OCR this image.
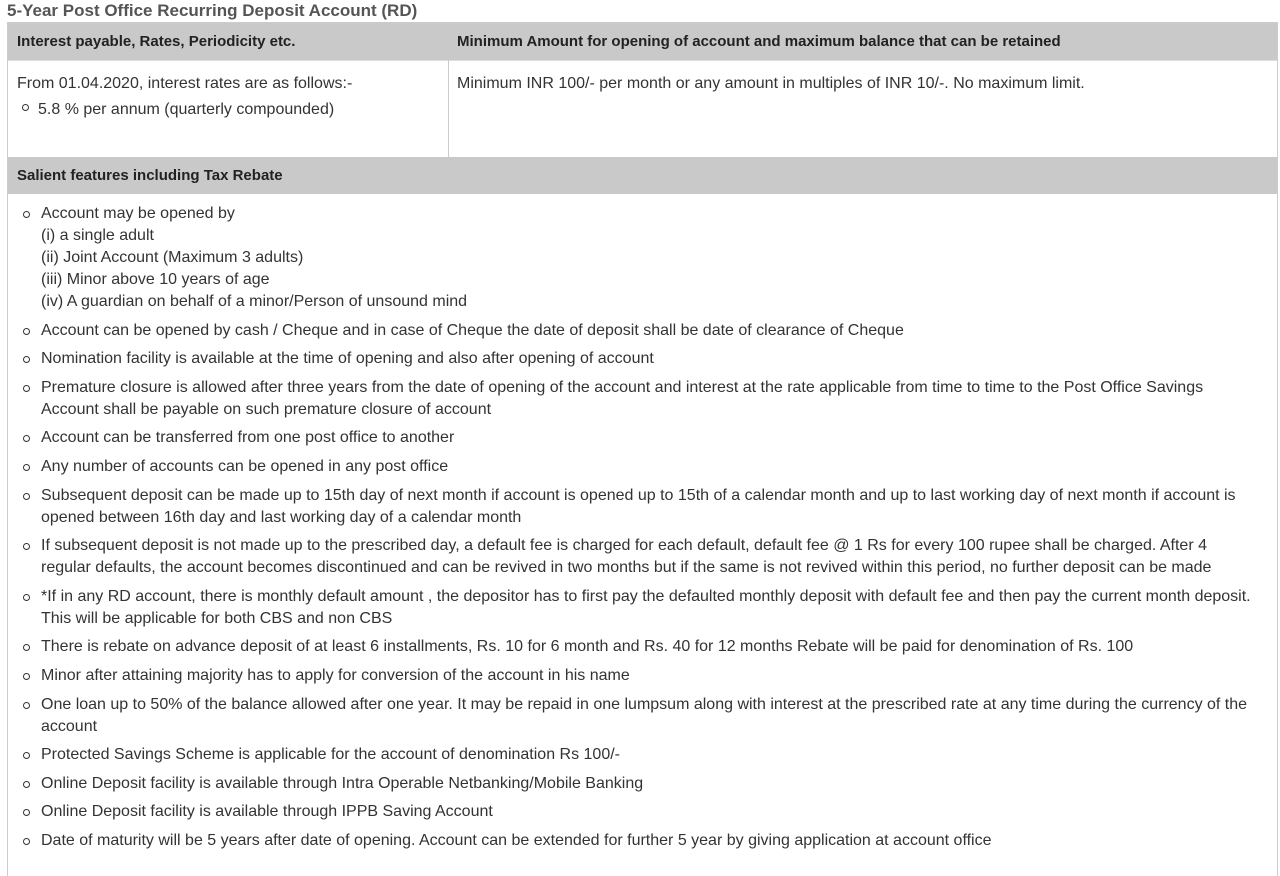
5-Year Post Office Recurring Deposit Account (RD)
Interest payable, Rates, Periodicity etc.	Minimum Amount for opening of account and maximum balance that can be retained
From 01.04.2020, interest rates are as follows:-
5.8 % per annum (quarterly compounded)
Minimum INR 100/- per month or any amount in multiples of INR 10/-. No maximum limit.
Salient features including Tax Rebate
Account may be opened by
(i) a single adult
(ii) Joint Account (Maximum 3 adults)
(iii) Minor above 10 years of age
(iv) A guardian on behalf of a minor/Person of unsound mind
Account can be opened by cash / Cheque and in case of Cheque the date of deposit shall be date of clearance of Cheque
Nomination facility is available at the time of opening and also after opening of account
Premature closure is allowed after three years from the date of opening of the account and interest at the rate applicable from time to time to the Post Office Savings
Account shall be payable on such premature closure of account
Account can be transferred from one post office to another
Any number of accounts can be opened in any post office
Subsequent deposit can be made up to 15th day of next month if account is opened up to 15th of a calendar month and up to last working day of next month if account is
opened between 16th day and last working day of a calendar month
If subsequent deposit is not made up to the prescribed day, a default fee is charged for each default, default fee @ 1 Rs for every 100 rupee shall be charged. After 4
regular defaults, the account becomes discontinued and can be revived in two months but if the same is not revived within this period, no further deposit can be made
*If in any RD account, there is monthly default amount , the depositor has to first pay the defaulted monthly deposit with default fee and then pay the current month deposit.
This will be applicable for both CBS and non CBS
There is rebate on advance deposit of at least 6 installments, Rs. 10 for 6 month and Rs. 40 for 12 months Rebate will be paid for denomination of Rs. 100
Minor after attaining majority has to apply for conversion of the account in his name
One loan up to 50% of the balance allowed after one year. It may be repaid in one lumpsum along with interest at the prescribed rate at any time during the currency of the
account
Protected Savings Scheme is applicable for the account of denomination Rs 100/-
Online Deposit facility is available through Intra Operable Netbanking/Mobile Banking
Online Deposit facility is available through IPPB Saving Account
Date of maturity will be 5 years after date of opening. Account can be extended for further 5 year by giving application at account office
